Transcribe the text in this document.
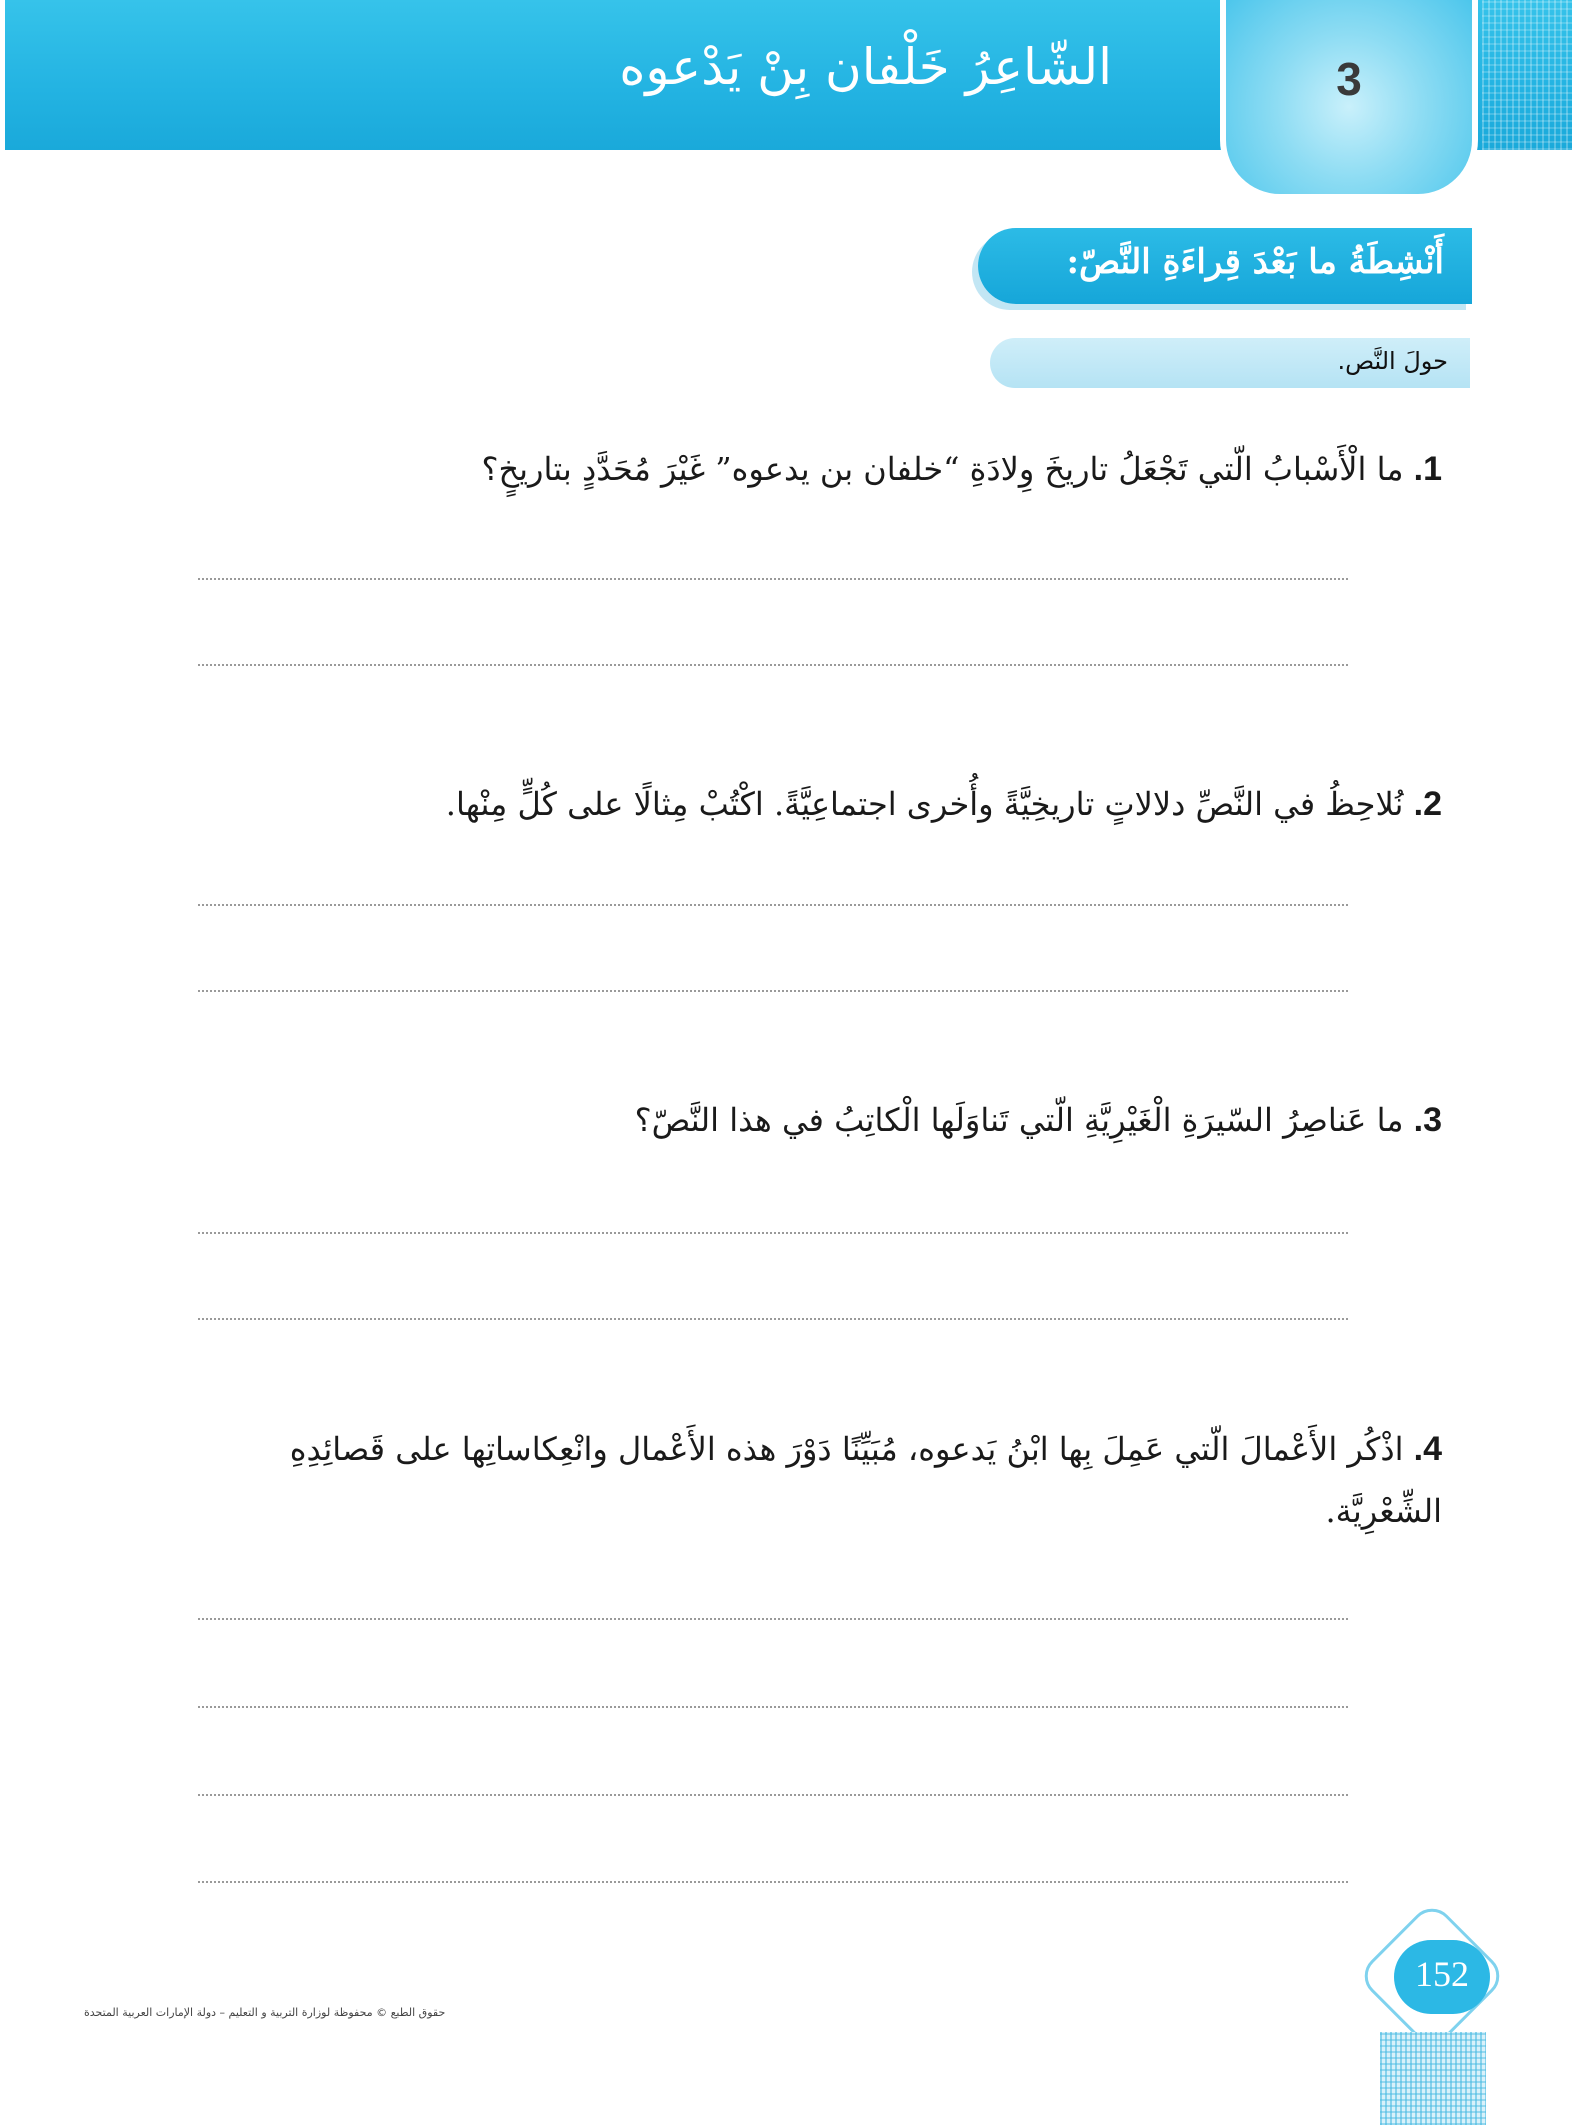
الشّاعِرُ خَلْفان بِنْ يَدْعوه	3
أَنْشِطَةُ ما بَعْدَ قِراءَةِ النَّصّ:
حولَ النَّص.
1. ما الْأَسْبابُ الّتي تَجْعَلُ تاريخَ وِلادَةِ “خلفان بن يدعوه” غَيْرَ مُحَدَّدٍ بتاريخٍ؟
2. نُلاحِظُ في النَّصِّ دلالاتٍ تاريخِيَّةً وأُخرى اجتماعِيَّةً. اكْتُبْ مِثالًا على كُلٍّ مِنْها.
3. ما عَناصِرُ السّيرَةِ الْغَيْرِيَّةِ الّتي تَناوَلَها الْكاتِبُ في هذا النَّصّ؟
4. اذْكُر الأَعْمالَ الّتي عَمِلَ بِها ابْنُ يَدعوه، مُبَيِّنًا دَوْرَ هذه الأَعْمال وانْعِكاساتِها على قَصائِدِهِ الشِّعْرِيَّة.
حقوق الطبع © محفوظة لوزارة التربية و التعليم – دولة الإمارات العربية المتحدة
152
